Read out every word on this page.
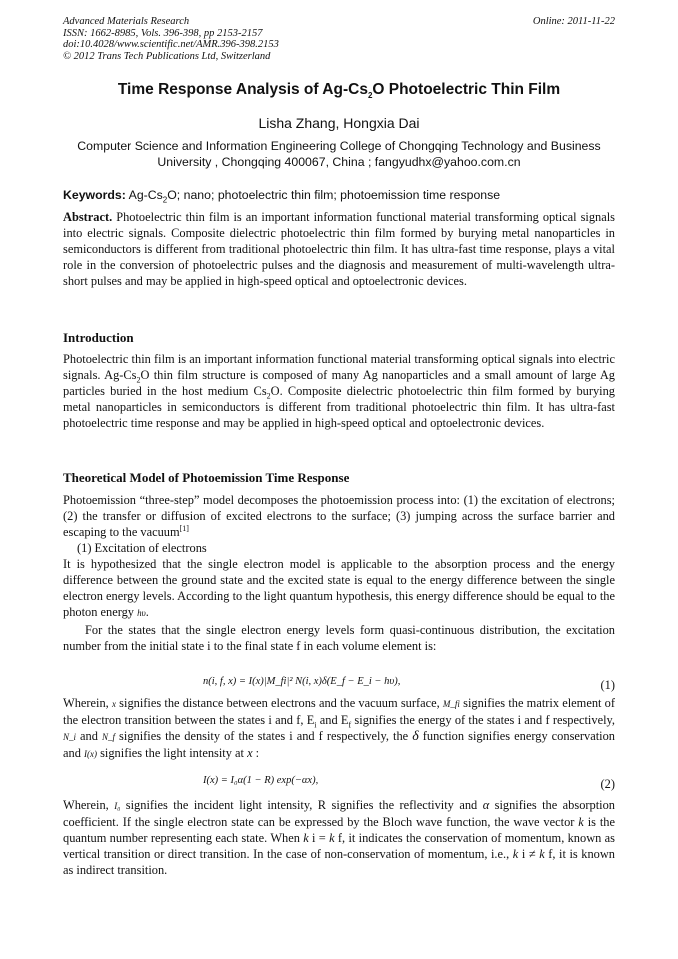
Advanced Materials Research
ISSN: 1662-8985, Vols. 396-398, pp 2153-2157
doi:10.4028/www.scientific.net/AMR.396-398.2153
© 2012 Trans Tech Publications Ltd, Switzerland
Online: 2011-11-22
Time Response Analysis of $Ag-Cs_2O$ Photoelectric Thin Film
Lisha Zhang, Hongxia Dai
Computer Science and Information Engineering College of Chongqing Technology and Business
University , Chongqing 400067, China ; fangyudhx@yahoo.com.cn
Keywords: $Ag-Cs_2O$; nano; photoelectric thin film; photoemission time response
Abstract. Photoelectric thin film is an important information functional material transforming optical signals into electric signals. Composite dielectric photoelectric thin film formed by burying metal nanoparticles in semiconductors is different from traditional photoelectric thin film. It has ultra-fast time response, plays a vital role in the conversion of photoelectric pulses and the diagnosis and measurement of multi-wavelength ultra-short pulses and may be applied in high-speed optical and optoelectronic devices.
Introduction
Photoelectric thin film is an important information functional material transforming optical signals into electric signals. $Ag-Cs_2O$ thin film structure is composed of many Ag nanoparticles and a small amount of large Ag particles buried in the host medium $Cs_2O$. Composite dielectric photoelectric thin film formed by burying metal nanoparticles in semiconductors is different from traditional photoelectric thin film. It has ultra-fast photoelectric time response and may be applied in high-speed optical and optoelectronic devices.
Theoretical Model of Photoemission Time Response
Photoemission “three-step” model decomposes the photoemission process into: (1) the excitation of electrons; (2) the transfer or diffusion of excited electrons to the surface; (3) jumping across the surface barrier and escaping to the vacuum[1]
(1) Excitation of electrons
It is hypothesized that the single electron model is applicable to the absorption process and the energy difference between the ground state and the excited state is equal to the energy difference between the single electron energy levels. According to the light quantum hypothesis, this energy difference should be equal to the photon energy hυ.
For the states that the single electron energy levels form quasi-continuous distribution, the excitation number from the initial state i to the final state f in each volume element is:
n(i, f, x) = I(x)|M_fi|² N(i, x)δ(E_f − E_i − hυ),	(1)
Wherein, x signifies the distance between electrons and the vacuum surface, M_fi signifies the matrix element of the electron transition between the states i and f, $E_i$ and $E_f$ signifies the energy of the states i and f respectively, N_i and N_f signifies the density of the states i and f respectively, the δ function signifies energy conservation and I(x) signifies the light intensity at x :
I(x) = I₀α(1 − R) exp(−αx),	(2)
Wherein, I₀ signifies the incident light intensity, R signifies the reflectivity and α signifies the absorption coefficient. If the single electron state can be expressed by the Bloch wave function, the wave vector k is the quantum number representing each state. When k i = k f, it indicates the conservation of momentum, known as vertical transition or direct transition. In the case of non-conservation of momentum, i.e., k i ≠ k f, it is known as indirect transition.
